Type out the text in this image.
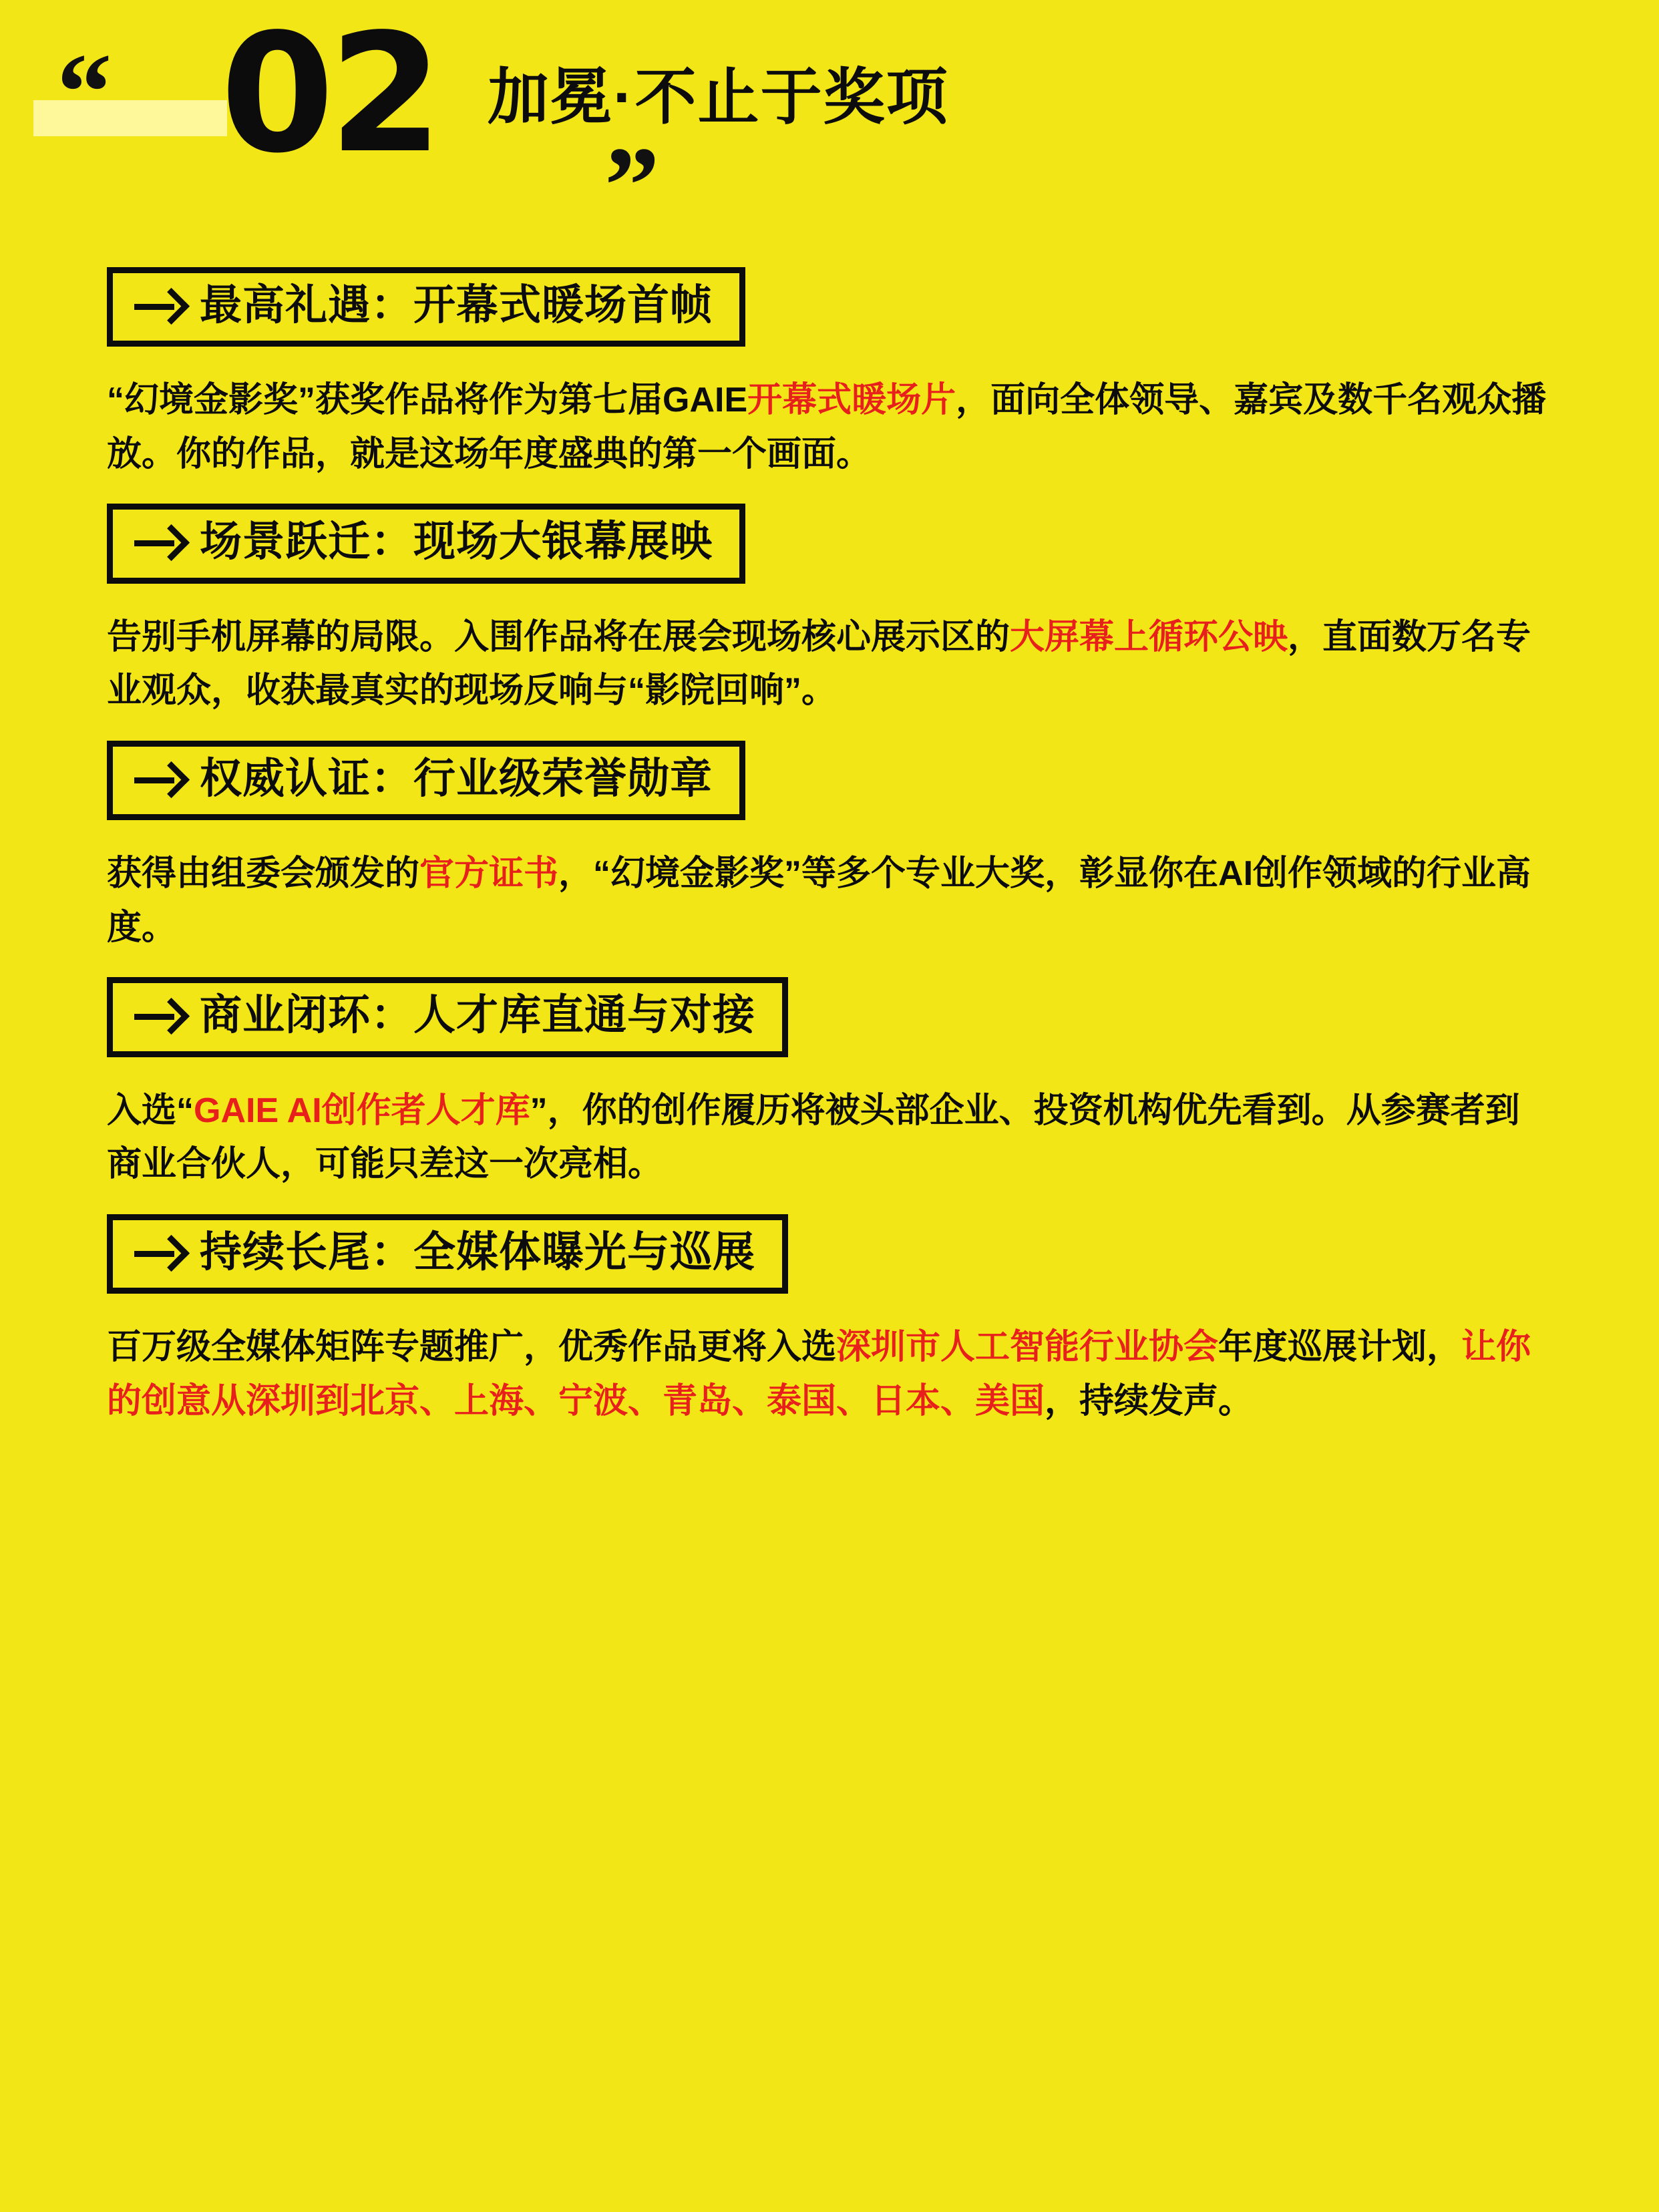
“ 02 加冕·不止于奖项
”
最高礼遇：开幕式暖场首帧
“幻境金影奖”获奖作品将作为第七届GAIE开幕式暖场片，面向全体领导、嘉宾及数千名观众播放。你的作品，就是这场年度盛典的第一个画面。
场景跃迁：现场大银幕展映
告别手机屏幕的局限。入围作品将在展会现场核心展示区的大屏幕上循环公映，直面数万名专业观众，收获最真实的现场反响与“影院回响”。
权威认证：行业级荣誉勋章
获得由组委会颁发的官方证书，“幻境金影奖”等多个专业大奖，彰显你在AI创作领域的行业高度。
商业闭环：人才库直通与对接
入选“GAIE AI创作者人才库”，你的创作履历将被头部企业、投资机构优先看到。从参赛者到商业合伙人，可能只差这一次亮相。
持续长尾：全媒体曝光与巡展
百万级全媒体矩阵专题推广，优秀作品更将入选深圳市人工智能行业协会年度巡展计划，让你的创意从深圳到北京、上海、宁波、青岛、泰国、日本、美国，持续发声。
